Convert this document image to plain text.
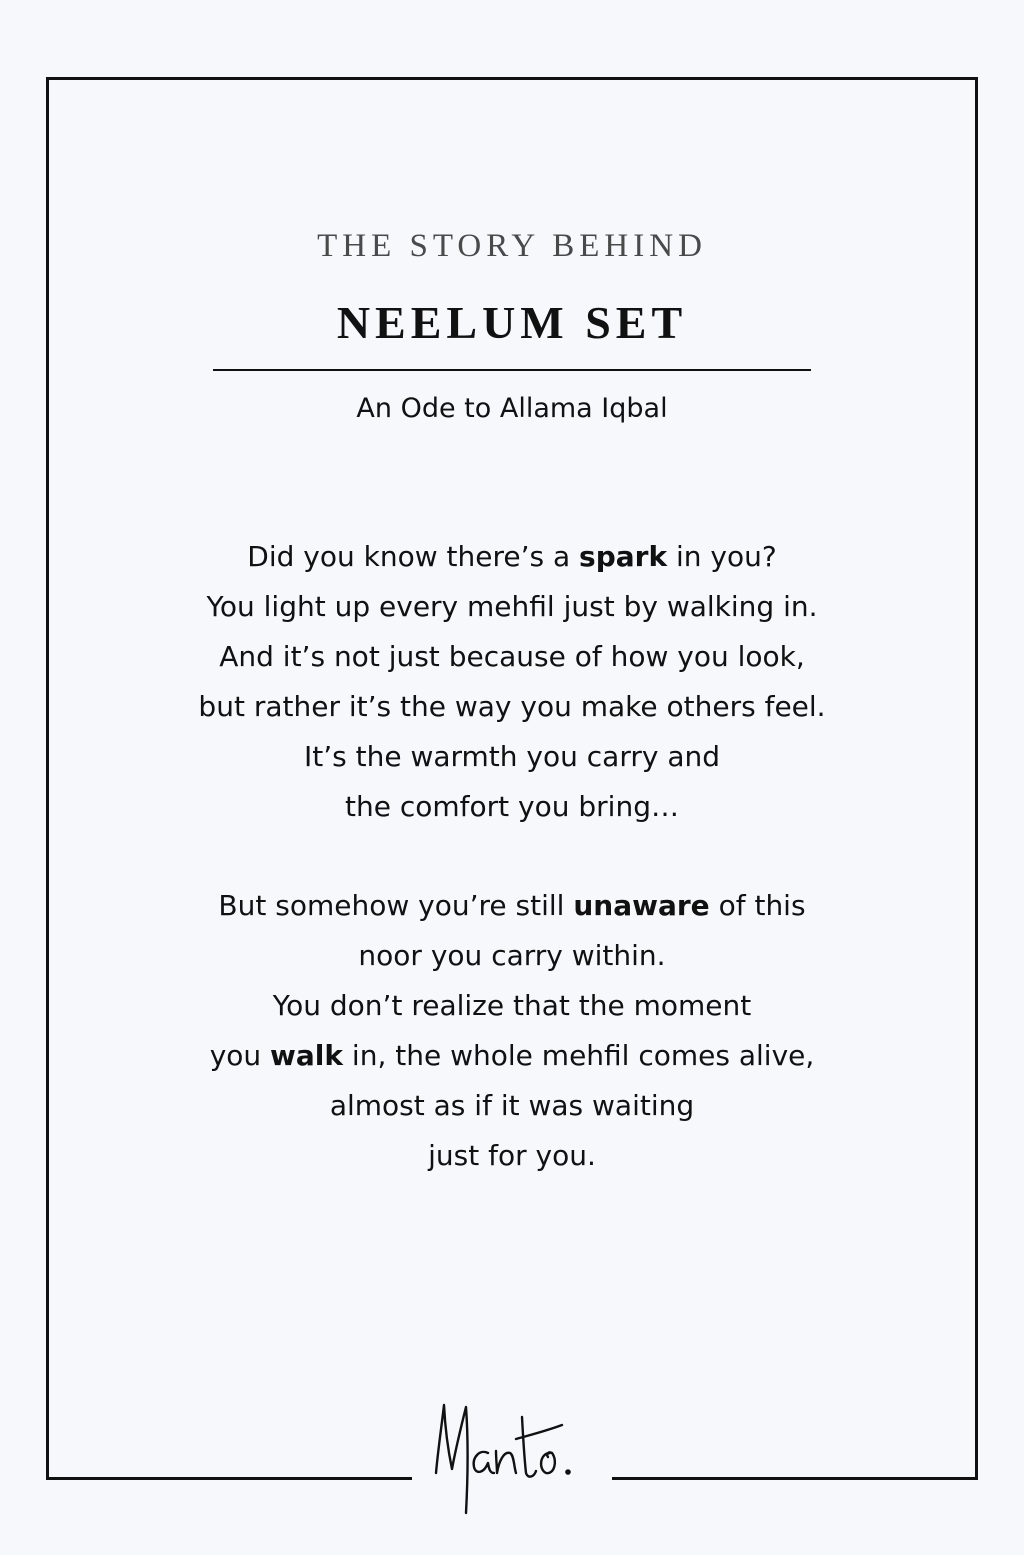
THE STORY BEHIND
NEELUM SET
An Ode to Allama Iqbal
Did you know there’s a spark in you?
You light up every mehfil just by walking in.
And it’s not just because of how you look,
but rather it’s the way you make others feel.
It’s the warmth you carry and
the comfort you bring…
But somehow you’re still unaware of this
noor you carry within.
You don’t realize that the moment
you walk in, the whole mehfil comes alive,
almost as if it was waiting
just for you.
